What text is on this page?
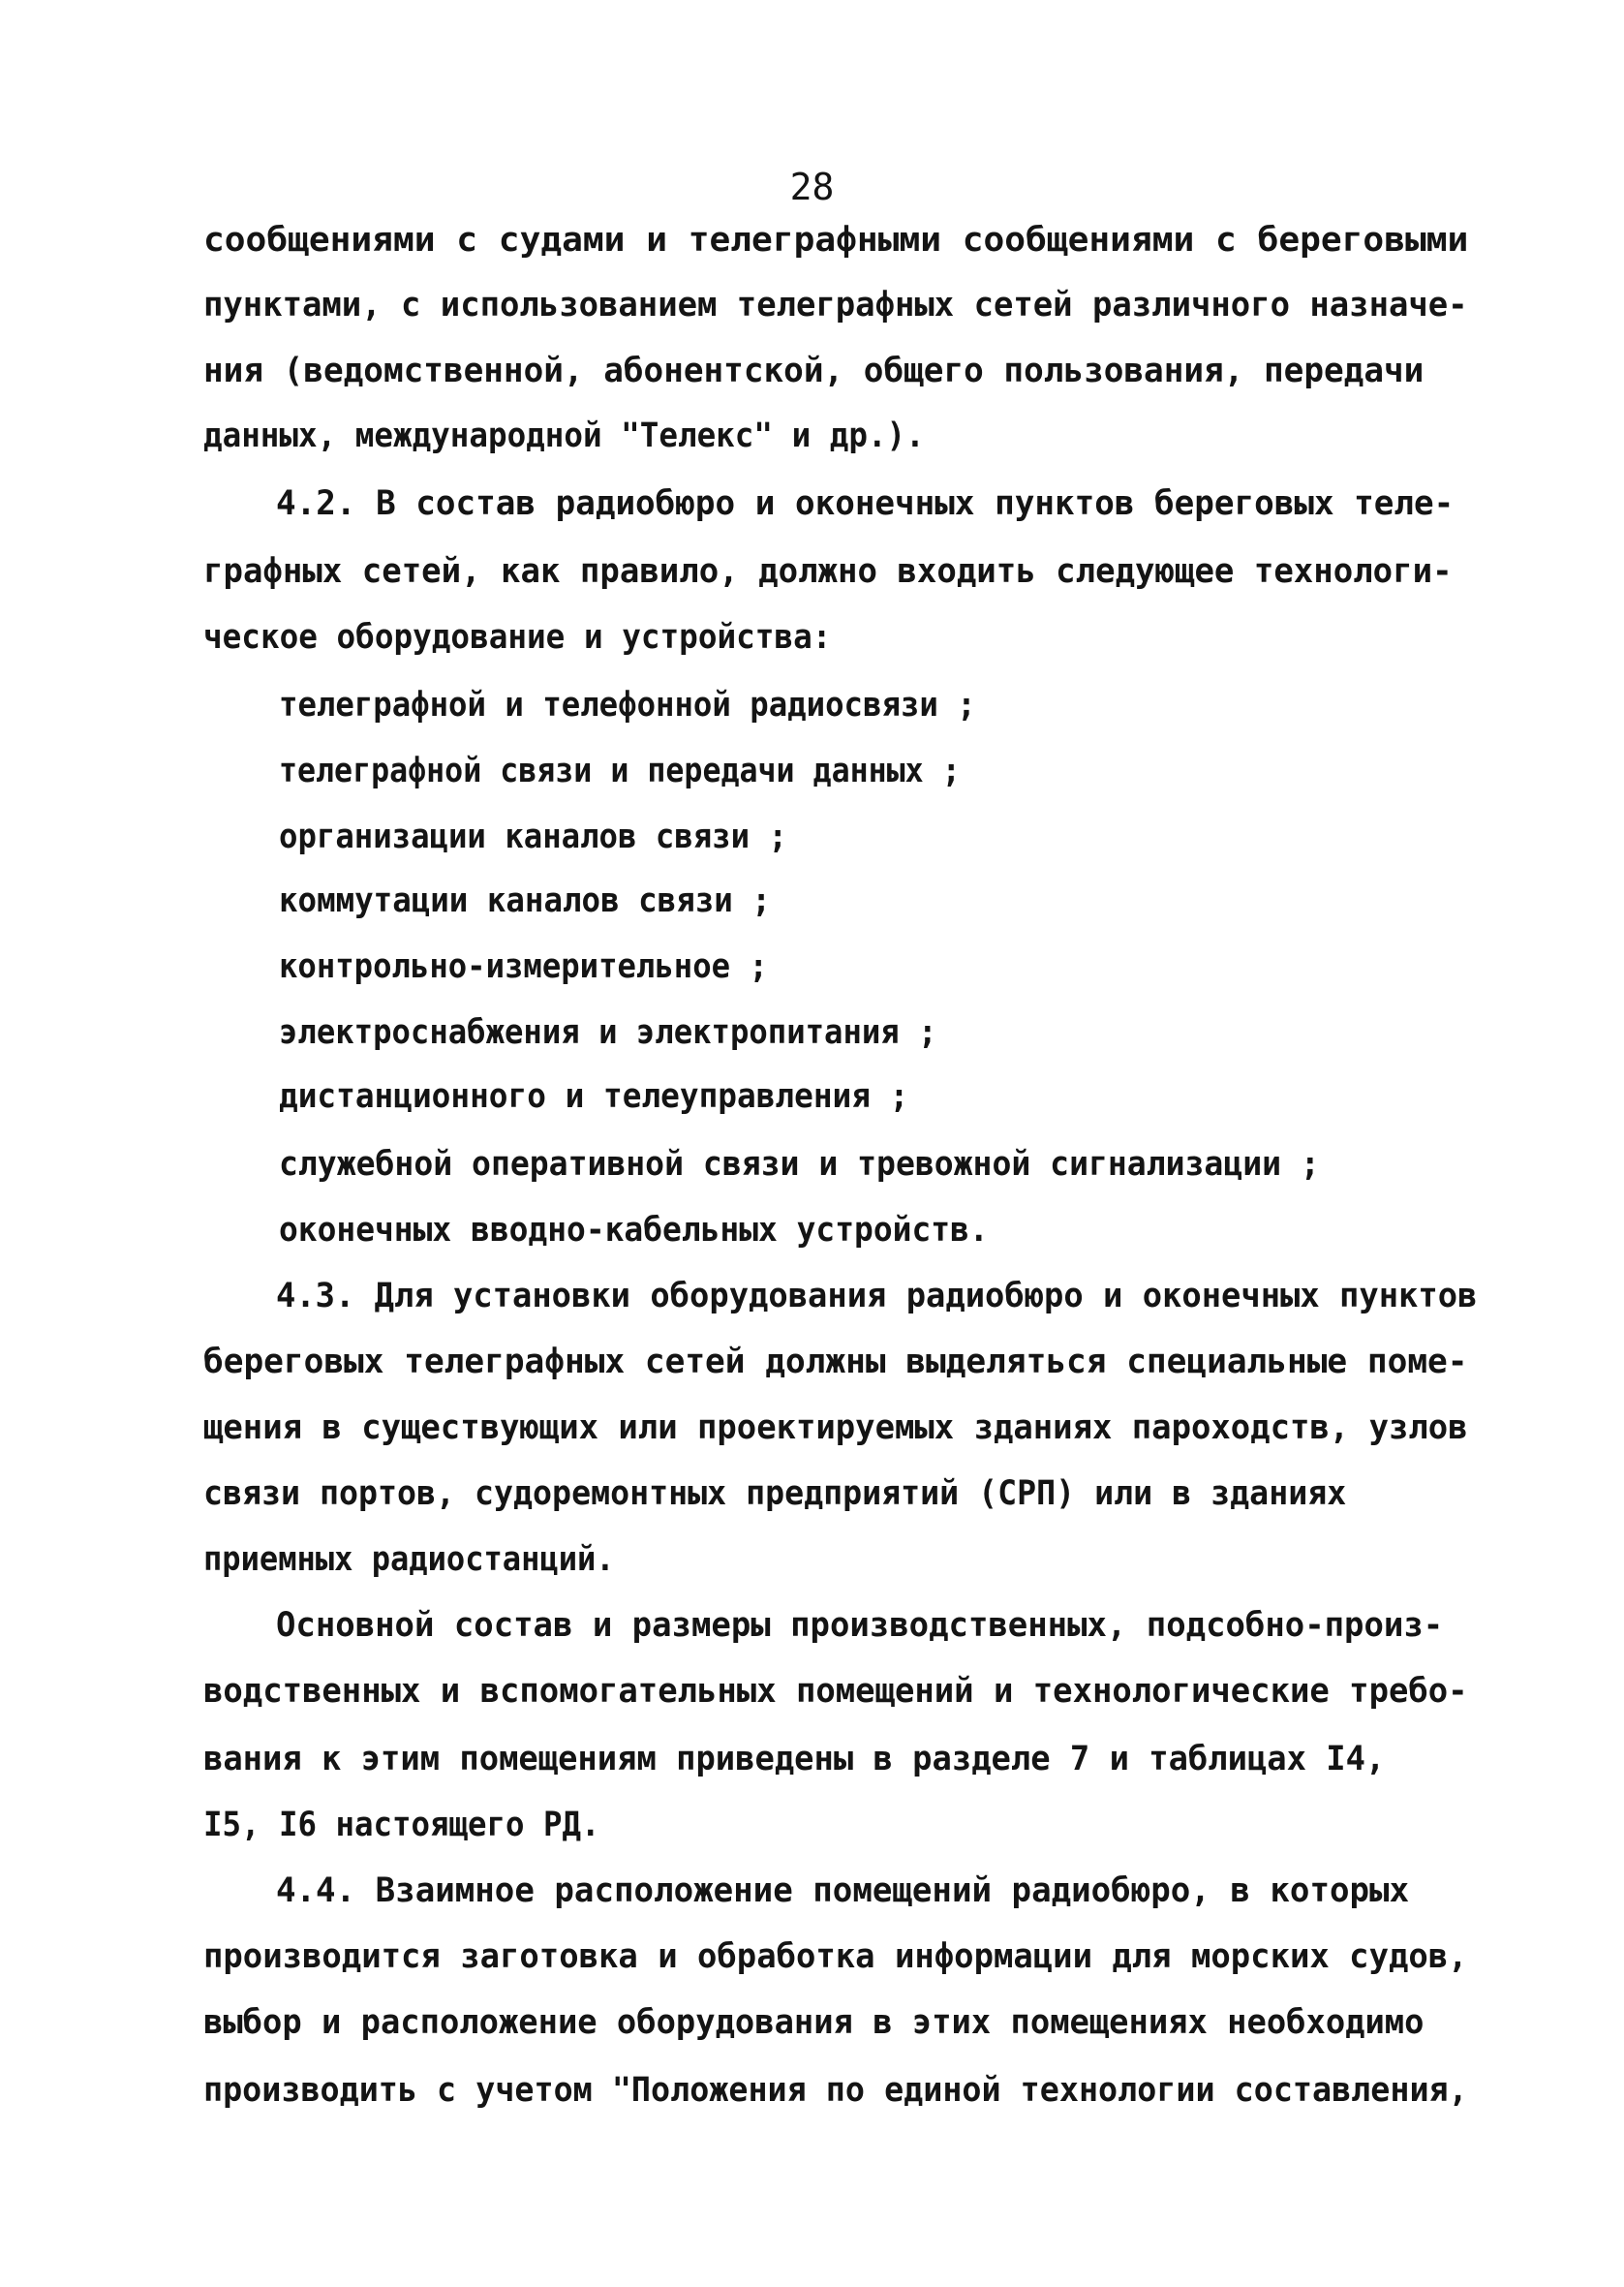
28
сообщениями с судами и телеграфными сообщениями с береговыми
пунктами, с использованием телеграфных сетей различного назначе-
ния (ведомственной, абонентской, общего пользования, передачи
данных, международной "Телекс" и др.).
4.2. В состав радиобюро и оконечных пунктов береговых теле-
графных сетей, как правило, должно входить следующее технологи-
ческое оборудование и устройства:
телеграфной и телефонной радиосвязи ;
телеграфной связи и передачи данных ;
организации каналов связи ;
коммутации каналов связи ;
контрольно-измерительное ;
электроснабжения и электропитания ;
дистанционного и телеуправления ;
служебной оперативной связи и тревожной сигнализации ;
оконечных вводно-кабельных устройств.
4.3. Для установки оборудования радиобюро и оконечных пунктов
береговых телеграфных сетей должны выделяться специальные поме-
щения в существующих или проектируемых зданиях пароходств, узлов
связи портов, судоремонтных предприятий (СРП) или в зданиях
приемных радиостанций.
Основной состав и размеры производственных, подсобно-произ-
водственных и вспомогательных помещений и технологические требо-
вания к этим помещениям приведены в разделе 7 и таблицах I4,
I5, I6 настоящего РД.
4.4. Взаимное расположение помещений радиобюро, в которых
производится заготовка и обработка информации для морских судов,
выбор и расположение оборудования в этих помещениях необходимо
производить с учетом "Положения по единой технологии составления,
